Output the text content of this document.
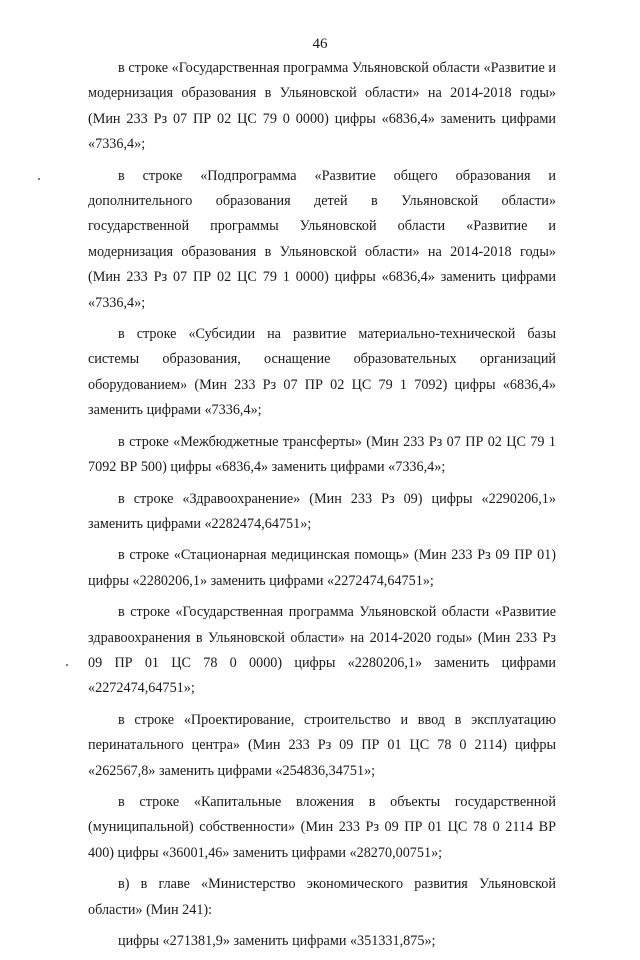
46

в строке «Государственная программа Ульяновской области «Развитие и модернизация образования в Ульяновской области» на 2014-2018 годы» (Мин 233 Рз 07 ПР 02 ЦС 79 0 0000) цифры «6836,4» заменить цифрами «7336,4»;

в строке «Подпрограмма «Развитие общего образования и дополнительного образования детей в Ульяновской области» государственной программы Ульяновской области «Развитие и модернизация образования в Ульяновской области» на 2014-2018 годы» (Мин 233 Рз 07 ПР 02 ЦС 79 1 0000) цифры «6836,4» заменить цифрами «7336,4»;

в строке «Субсидии на развитие материально-технической базы системы образования, оснащение образовательных организаций оборудованием» (Мин 233 Рз 07 ПР 02 ЦС 79 1 7092) цифры «6836,4» заменить цифрами «7336,4»;

в строке «Межбюджетные трансферты» (Мин 233 Рз 07 ПР 02 ЦС 79 1 7092 ВР 500) цифры «6836,4» заменить цифрами «7336,4»;

в строке «Здравоохранение» (Мин 233 Рз 09) цифры «2290206,1» заменить цифрами «2282474,64751»;

в строке «Стационарная медицинская помощь» (Мин 233 Рз 09 ПР 01) цифры «2280206,1» заменить цифрами «2272474,64751»;

в строке «Государственная программа Ульяновской области «Развитие здравоохранения в Ульяновской области» на 2014-2020 годы» (Мин 233 Рз 09 ПР 01 ЦС 78 0 0000) цифры «2280206,1» заменить цифрами «2272474,64751»;

в строке «Проектирование, строительство и ввод в эксплуатацию перинатального центра» (Мин 233 Рз 09 ПР 01 ЦС 78 0 2114) цифры «262567,8» заменить цифрами «254836,34751»;

в строке «Капитальные вложения в объекты государственной (муниципальной) собственности» (Мин 233 Рз 09 ПР 01 ЦС 78 0 2114 ВР 400) цифры «36001,46» заменить цифрами «28270,00751»;

в) в главе «Министерство экономического развития Ульяновской области» (Мин 241):

цифры «271381,9» заменить цифрами «351331,875»;
